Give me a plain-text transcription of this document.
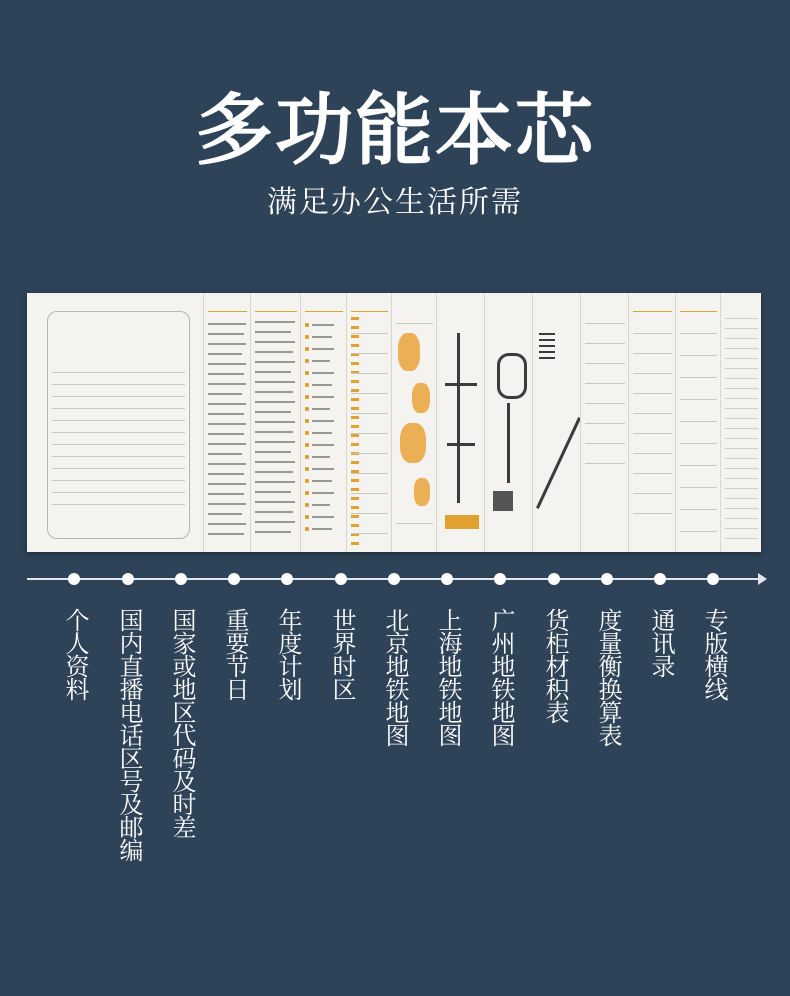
多功能本芯
满足办公生活所需
个人资料 国内直播电话区号及邮编 国家或地区代码及时差 重要节日 年度计划 世界时区 北京地铁地图 上海地铁地图 广州地铁地图 货柜材积表 度量衡换算表 通讯录 专版横线
